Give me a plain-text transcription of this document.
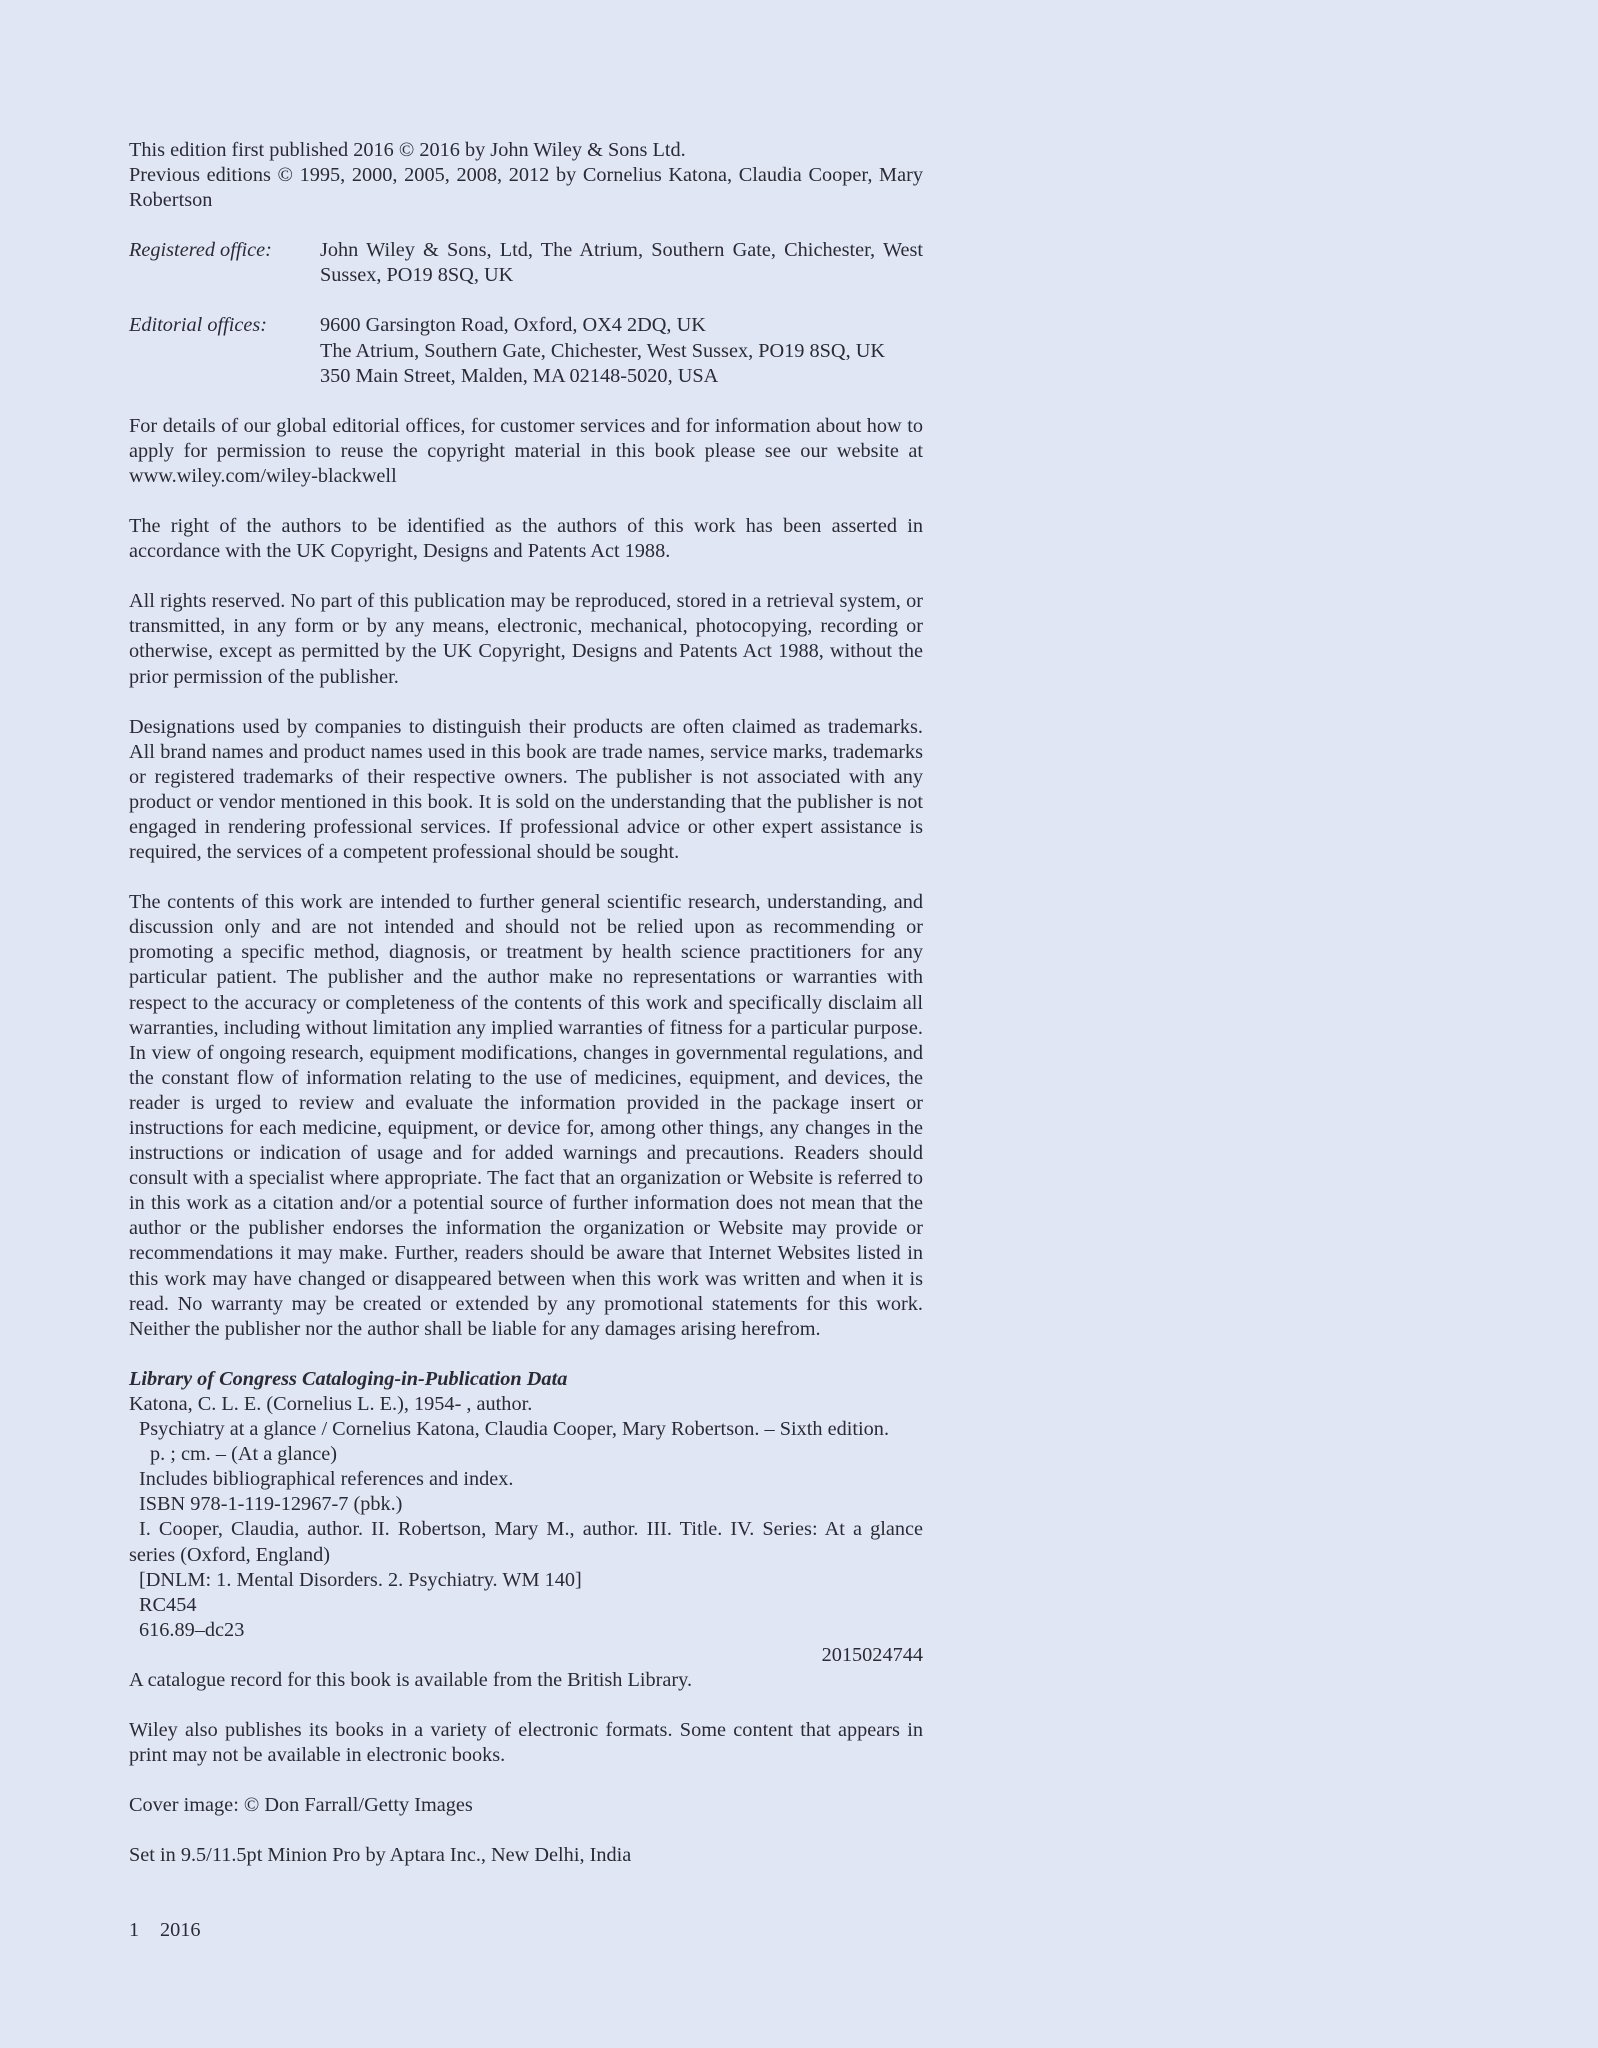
This edition first published 2016 © 2016 by John Wiley & Sons Ltd.

Previous editions © 1995, 2000, 2005, 2008, 2012 by Cornelius Katona, Claudia Cooper, Mary Robertson

Registered office:	John Wiley & Sons, Ltd, The Atrium, Southern Gate, Chichester, West Sussex, PO19 8SQ, UK
Editorial offices:	9600 Garsington Road, Oxford, OX4 2DQ, UK

The Atrium, Southern Gate, Chichester, West Sussex, PO19 8SQ, UK

350 Main Street, Malden, MA 02148-5020, USA

For details of our global editorial offices, for customer services and for information about how to apply for permission to reuse the copyright material in this book please see our website at www.wiley.com/wiley-blackwell

The right of the authors to be identified as the authors of this work has been asserted in accordance with the UK Copyright, Designs and Patents Act 1988.

All rights reserved. No part of this publication may be reproduced, stored in a retrieval system, or transmitted, in any form or by any means, electronic, mechanical, photocopying, recording or otherwise, except as permitted by the UK Copyright, Designs and Patents Act 1988, without the prior permission of the publisher.

Designations used by companies to distinguish their products are often claimed as trademarks. All brand names and product names used in this book are trade names, service marks, trademarks or registered trademarks of their respective owners. The publisher is not associated with any product or vendor mentioned in this book. It is sold on the understanding that the publisher is not engaged in rendering professional services. If professional advice or other expert assistance is required, the services of a competent professional should be sought.

The contents of this work are intended to further general scientific research, understanding, and discussion only and are not intended and should not be relied upon as recommending or promoting a specific method, diagnosis, or treatment by health science practitioners for any particular patient. The publisher and the author make no representations or warranties with respect to the accuracy or completeness of the contents of this work and specifically disclaim all warranties, including without limitation any implied warranties of fitness for a particular purpose. In view of ongoing research, equipment modifications, changes in governmental regulations, and the constant flow of information relating to the use of medicines, equipment, and devices, the reader is urged to review and evaluate the information provided in the package insert or instructions for each medicine, equipment, or device for, among other things, any changes in the instructions or indication of usage and for added warnings and precautions. Readers should consult with a specialist where appropriate. The fact that an organization or Website is referred to in this work as a citation and/or a potential source of further information does not mean that the author or the publisher endorses the information the organization or Website may provide or recommendations it may make. Further, readers should be aware that Internet Websites listed in this work may have changed or disappeared between when this work was written and when it is read. No warranty may be created or extended by any promotional statements for this work. Neither the publisher nor the author shall be liable for any damages arising herefrom.

Library of Congress Cataloging-in-Publication Data

Katona, C. L. E. (Cornelius L. E.), 1954- , author.

Psychiatry at a glance / Cornelius Katona, Claudia Cooper, Mary Robertson. – Sixth edition.

p. ; cm. – (At a glance)

Includes bibliographical references and index.

ISBN 978-1-119-12967-7 (pbk.)

I. Cooper, Claudia, author. II. Robertson, Mary M., author. III. Title. IV. Series: At a glance series (Oxford, England)

[DNLM: 1. Mental Disorders. 2. Psychiatry. WM 140]

RC454

616.89–dc23

2015024744

A catalogue record for this book is available from the British Library.

Wiley also publishes its books in a variety of electronic formats. Some content that appears in print may not be available in electronic books.

Cover image: © Don Farrall/Getty Images

Set in 9.5/11.5pt Minion Pro by Aptara Inc., New Delhi, India

1 2016
